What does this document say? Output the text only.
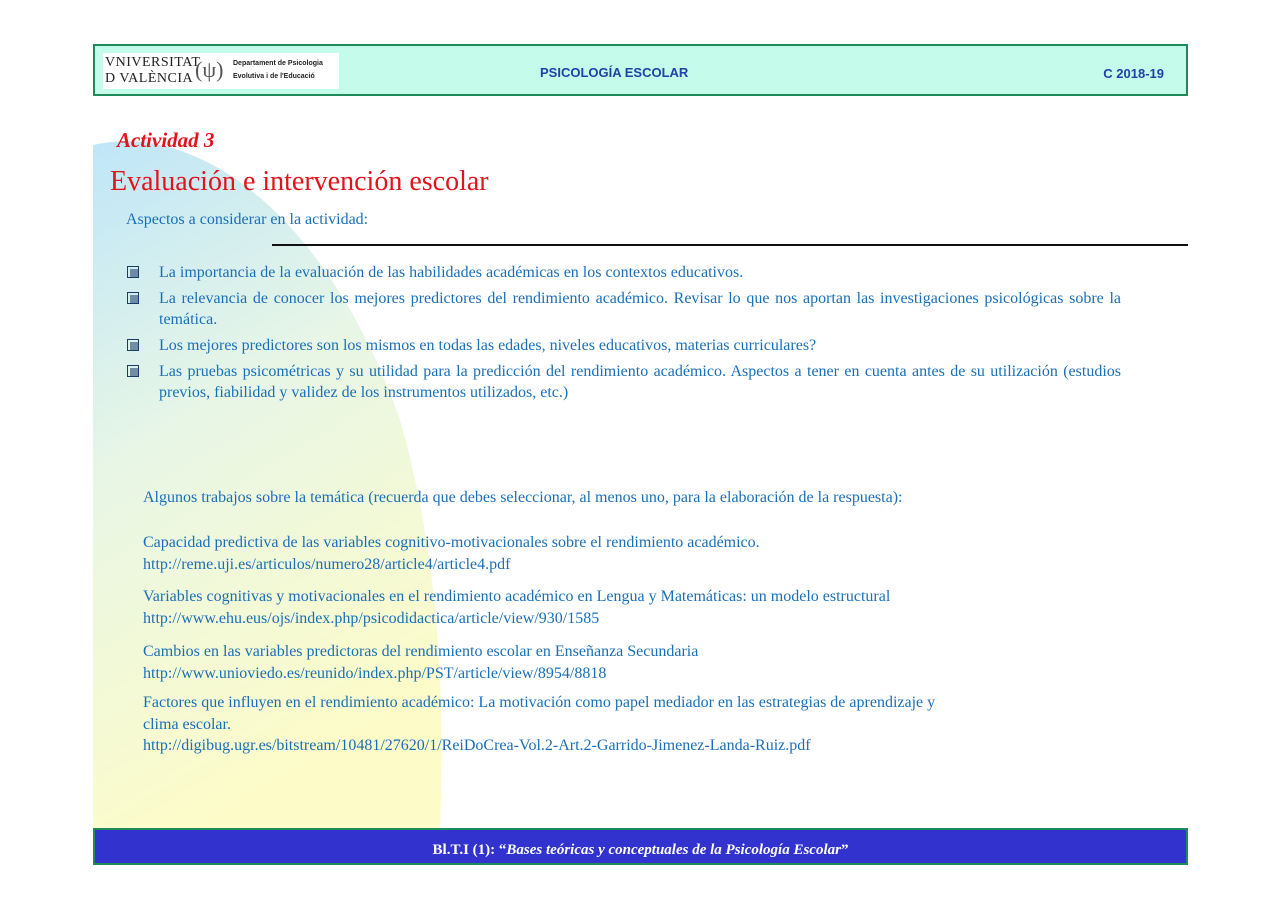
VNIVERSITAT
D VALÈNCIA (ψ) Departament de Psicologia
Evolutiva i de l'Educació	PSICOLOGÍA ESCOLAR	C 2018-19
Actividad 3
Evaluación e intervención escolar
Aspectos a considerar en la actividad:
La importancia de la evaluación de las habilidades académicas en los contextos educativos.
La relevancia de conocer los mejores predictores del rendimiento académico. Revisar lo que nos aportan las investigaciones psicológicas sobre la temática.
Los mejores predictores son los mismos en todas las edades, niveles educativos, materias curriculares?
Las pruebas psicométricas y su utilidad para la predicción del rendimiento académico. Aspectos a tener en cuenta antes de su utilización (estudios previos, fiabilidad y validez de los instrumentos utilizados, etc.)
Algunos trabajos sobre la temática (recuerda que debes seleccionar, al menos uno, para la elaboración de la respuesta):
Capacidad predictiva de las variables cognitivo-motivacionales sobre el rendimiento académico.
http://reme.uji.es/articulos/numero28/article4/article4.pdf
Variables cognitivas y motivacionales en el rendimiento académico en Lengua y Matemáticas: un modelo estructural
http://www.ehu.eus/ojs/index.php/psicodidactica/article/view/930/1585
Cambios en las variables predictoras del rendimiento escolar en Enseñanza Secundaria
http://www.unioviedo.es/reunido/index.php/PST/article/view/8954/8818
Factores que influyen en el rendimiento académico: La motivación como papel mediador en las estrategias de aprendizaje y
clima escolar.
http://digibug.ugr.es/bitstream/10481/27620/1/ReiDoCrea-Vol.2-Art.2-Garrido-Jimenez-Landa-Ruiz.pdf
Bl.T.I (1): “Bases teóricas y conceptuales de la Psicología Escolar”
